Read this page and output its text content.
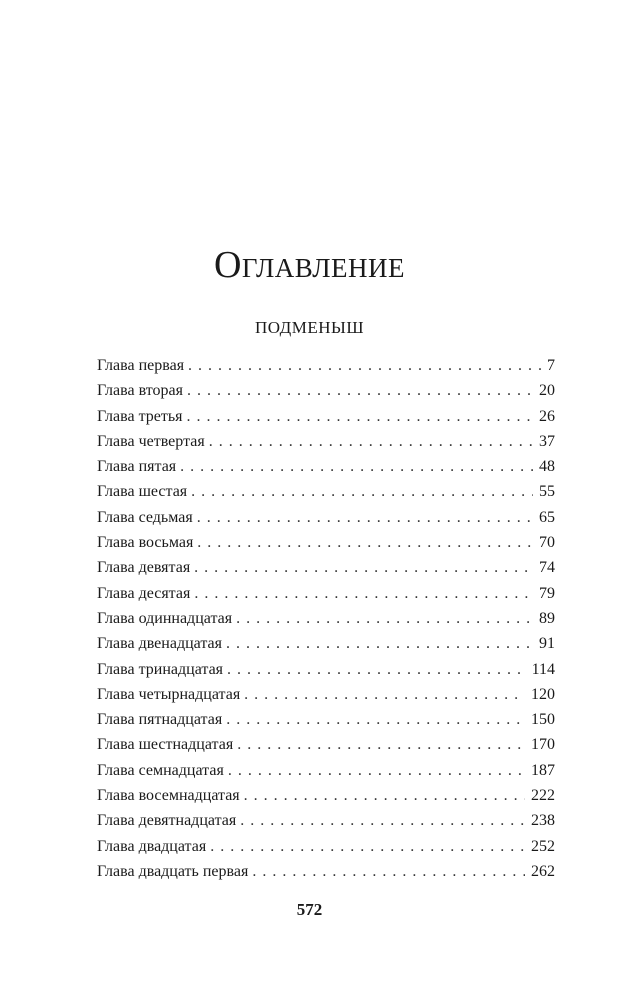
Оглавление
ПОДМЕНЫШ
Глава первая . . .	7
Глава вторая . . .	20
Глава третья . . .	26
Глава четвертая . . .	37
Глава пятая . . .	48
Глава шестая . . .	55
Глава седьмая . . .	65
Глава восьмая . . .	70
Глава девятая . . .	74
Глава десятая . . .	79
Глава одиннадцатая . . .	89
Глава двенадцатая . . .	91
Глава тринадцатая . . .	114
Глава четырнадцатая . . .	120
Глава пятнадцатая . . .	150
Глава шестнадцатая . . .	170
Глава семнадцатая . . .	187
Глава восемнадцатая . . .	222
Глава девятнадцатая . . .	238
Глава двадцатая . . .	252
Глава двадцать первая . . .	262
572
